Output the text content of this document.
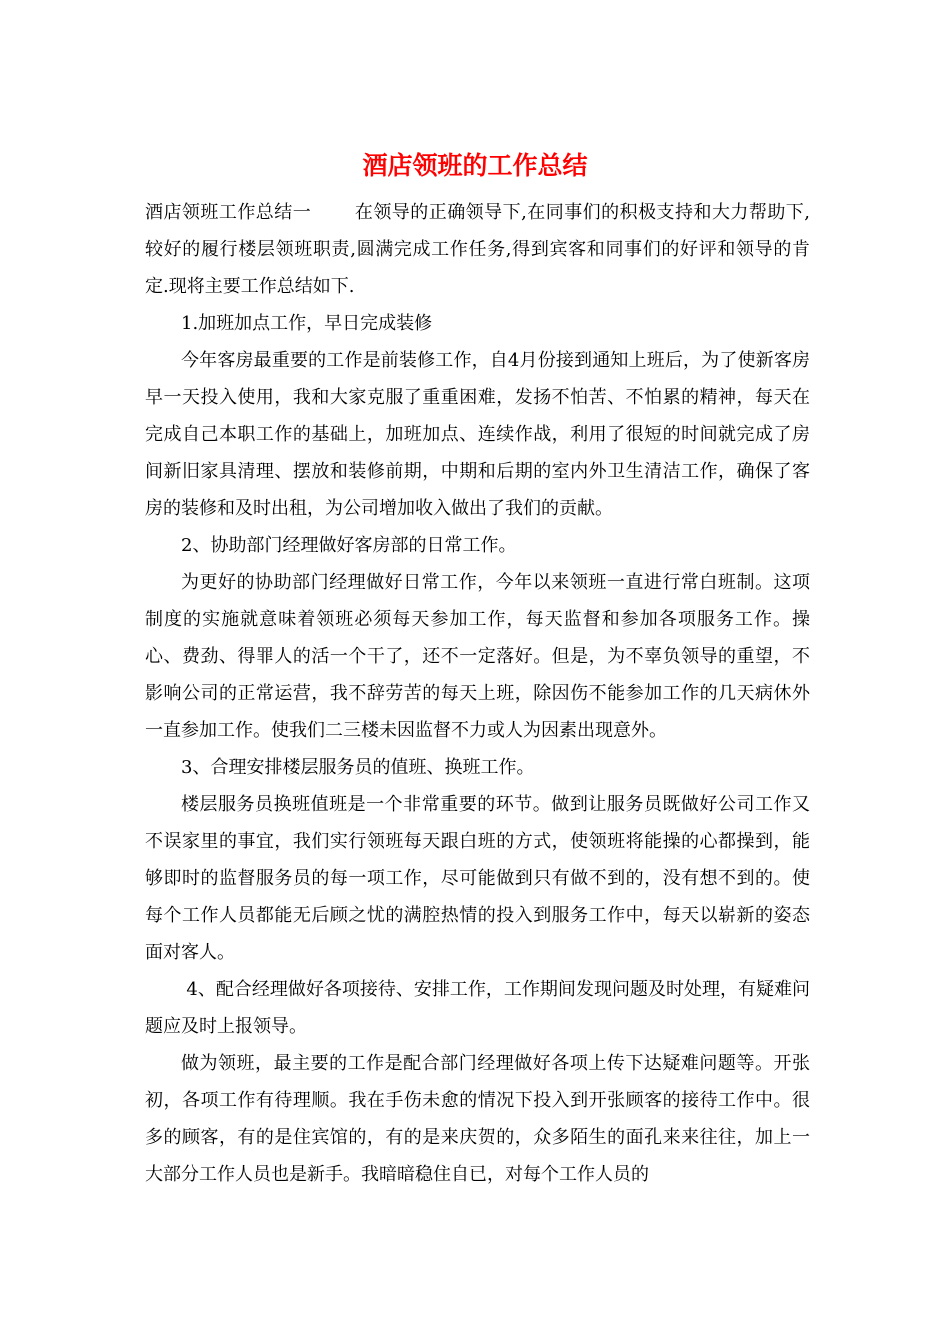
酒店领班的工作总结

酒店领班工作总结一 在领导的正确领导下,在同事们的积极支持和大力帮助下,较好的履行楼层领班职责,圆满完成工作任务,得到宾客和同事们的好评和领导的肯定.现将主要工作总结如下.

1.加班加点工作，早日完成装修

今年客房最重要的工作是前装修工作，自4月份接到通知上班后，为了使新客房早一天投入使用，我和大家克服了重重困难，发扬不怕苦、不怕累的精神，每天在完成自己本职工作的基础上，加班加点、连续作战，利用了很短的时间就完成了房间新旧家具清理、摆放和装修前期，中期和后期的室内外卫生清洁工作，确保了客房的装修和及时出租，为公司增加收入做出了我们的贡献。

2、协助部门经理做好客房部的日常工作。

为更好的协助部门经理做好日常工作，今年以来领班一直进行常白班制。这项制度的实施就意味着领班必须每天参加工作，每天监督和参加各项服务工作。操心、费劲、得罪人的活一个干了，还不一定落好。但是，为不辜负领导的重望，不影响公司的正常运营，我不辞劳苦的每天上班，除因伤不能参加工作的几天病休外一直参加工作。使我们二三楼未因监督不力或人为因素出现意外。

3、合理安排楼层服务员的值班、换班工作。

楼层服务员换班值班是一个非常重要的环节。做到让服务员既做好公司工作又不误家里的事宜，我们实行领班每天跟白班的方式，使领班将能操的心都操到，能够即时的监督服务员的每一项工作，尽可能做到只有做不到的，没有想不到的。使每个工作人员都能无后顾之忧的满腔热情的投入到服务工作中，每天以崭新的姿态面对客人。

4、配合经理做好各项接待、安排工作，工作期间发现问题及时处理，有疑难问题应及时上报领导。

做为领班，最主要的工作是配合部门经理做好各项上传下达疑难问题等。开张初，各项工作有待理顺。我在手伤未愈的情况下投入到开张顾客的接待工作中。很多的顾客，有的是住宾馆的，有的是来庆贺的，众多陌生的面孔来来往往，加上一大部分工作人员也是新手。我暗暗稳住自已，对每个工作人员的
